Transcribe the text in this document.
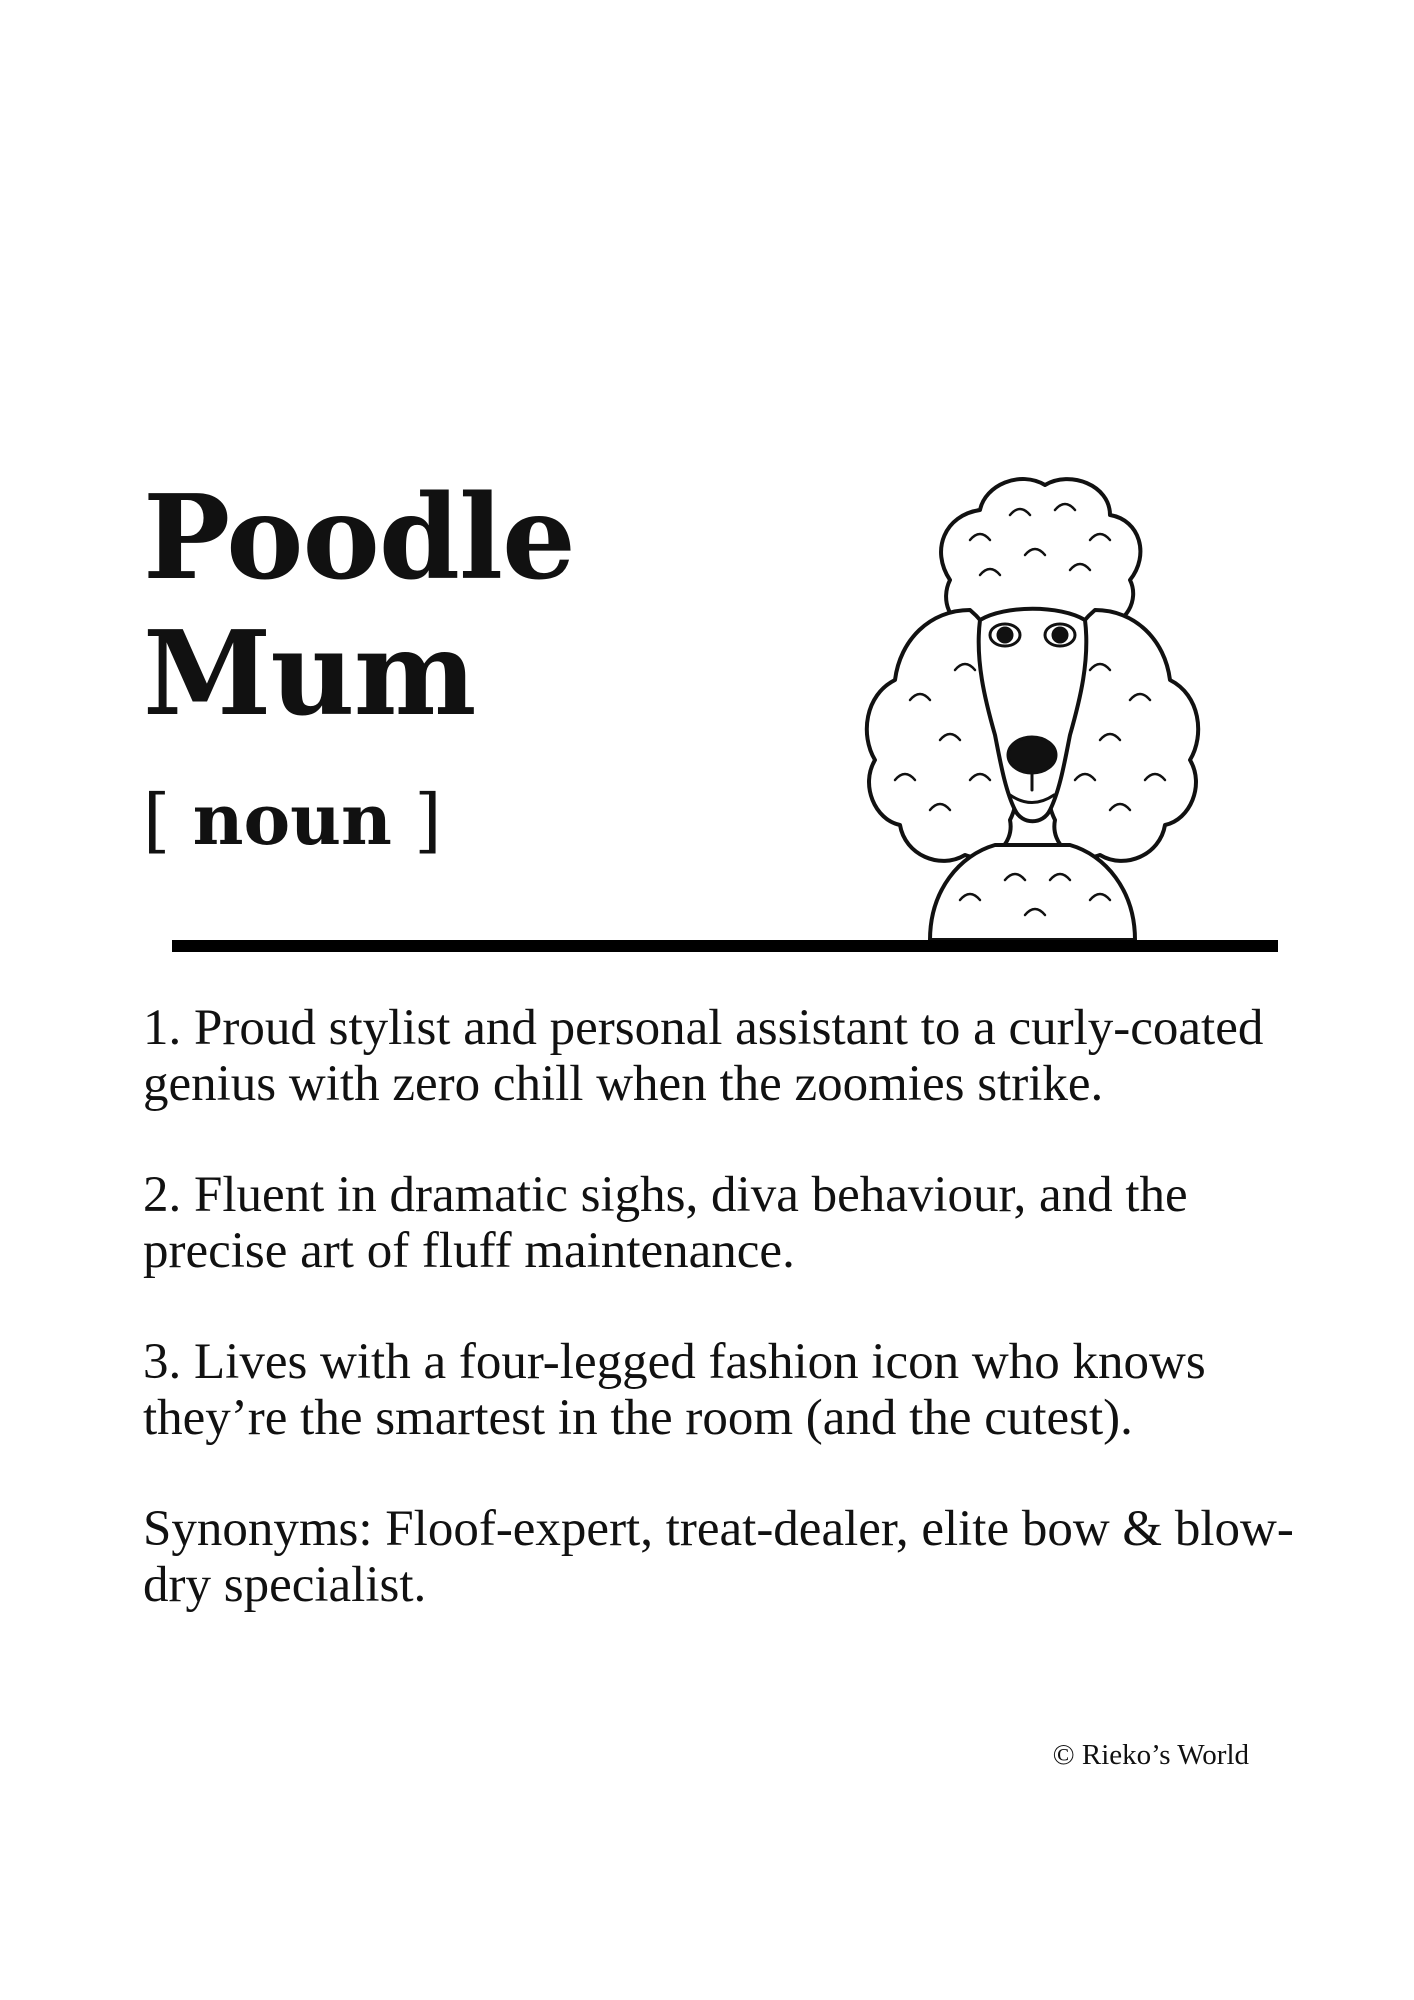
Poodle
Mum

[ noun ]

1. Proud stylist and personal assistant to a curly-coated genius with zero chill when the zoomies strike.

2. Fluent in dramatic sighs, diva behaviour, and the precise art of fluff maintenance.

3. Lives with a four-legged fashion icon who knows they’re the smartest in the room (and the cutest).

Synonyms: Floof-expert, treat-dealer, elite bow & blow-dry specialist.

© Rieko’s World
